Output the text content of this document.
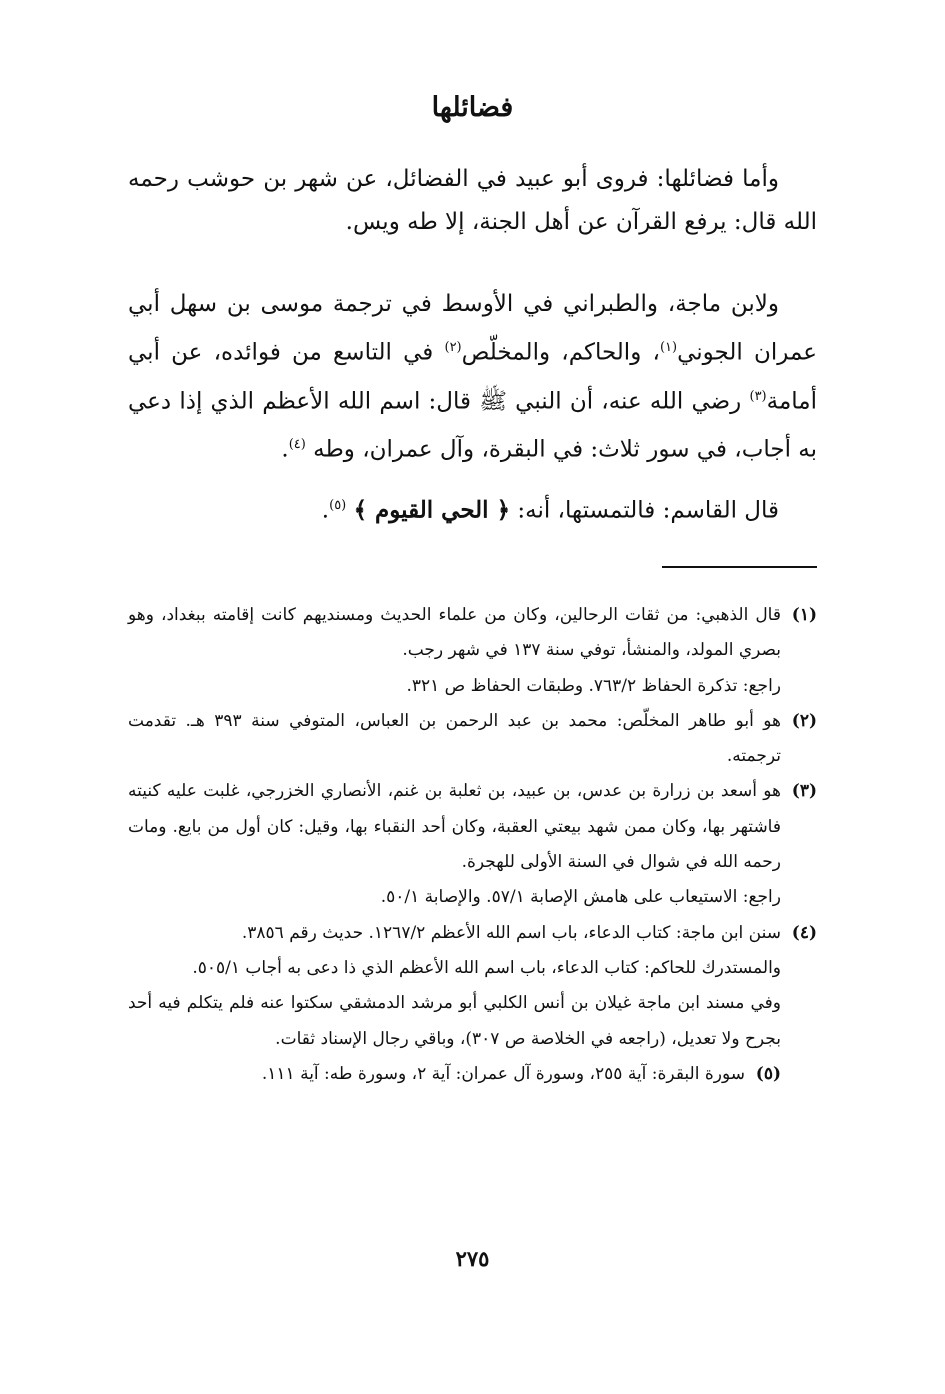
فضائلها

وأما فضائلها: فروى أبو عبيد في الفضائل، عن شهر بن حوشب رحمه الله قال: يرفع القرآن عن أهل الجنة، إلا طه ويس.

ولابن ماجة، والطبراني في الأوسط في ترجمة موسى بن سهل أبي عمران الجوني$^{(١)}$، والحاكم، والمخلّص$^{(٢)}$ في التاسع من فوائده، عن أبي أمامة$^{(٣)}$ رضي الله عنه، أن النبي ﷺ قال: اسم الله الأعظم الذي إذا دعي به أجاب، في سور ثلاث: في البقرة، وآل عمران، وطه $^{(٤)}$.

قال القاسم: فالتمستها، أنه: ﴿ الحي القيوم ﴾ $^{(٥)}$.

(١)
قال الذهبي: من ثقات الرحالين، وكان من علماء الحديث ومسنديهم كانت إقامته ببغداد، وهو بصري المولد، والمنشأ، توفي سنة ١٣٧ في شهر رجب.
راجع: تذكرة الحفاظ ٧٦٣/٢. وطبقات الحفاظ ص ٣٢١.
(٢)
هو أبو طاهر المخلّص: محمد بن عبد الرحمن بن العباس، المتوفي سنة ٣٩٣ هـ. تقدمت ترجمته.
(٣)
هو أسعد بن زرارة بن عدس، بن عبيد، بن ثعلبة بن غنم، الأنصاري الخزرجي، غلبت عليه كنيته فاشتهر بها، وكان ممن شهد بيعتي العقبة، وكان أحد النقباء بها، وقيل: كان أول من بايع. ومات رحمه الله في شوال في السنة الأولى للهجرة.
راجع: الاستيعاب على هامش الإصابة ٥٧/١. والإصابة ٥٠/١.
(٤)
سنن ابن ماجة: كتاب الدعاء، باب اسم الله الأعظم ١٢٦٧/٢. حديث رقم ٣٨٥٦.
والمستدرك للحاكم: كتاب الدعاء، باب اسم الله الأعظم الذي ذا دعى به أجاب ٥٠٥/١.
وفي مسند ابن ماجة غيلان بن أنس الكلبي أبو مرشد الدمشقي سكتوا عنه فلم يتكلم فيه أحد بجرح ولا تعديل، (راجعه في الخلاصة ص ٣٠٧)، وباقي رجال الإسناد ثقات.
(٥)
سورة البقرة: آية ٢٥٥، وسورة آل عمران: آية ٢، وسورة طه: آية ١١١.
٢٧٥
